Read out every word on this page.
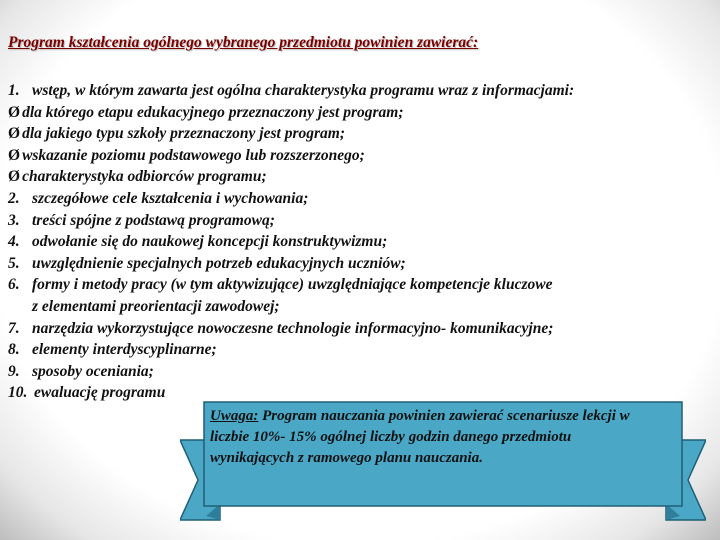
Program kształcenia ogólnego wybranego przedmiotu powinien zawierać:
1. wstęp, w którym zawarta jest ogólna charakterystyka programu wraz z informacjami:
Ø dla którego etapu edukacyjnego przeznaczony jest program;
Ø dla jakiego typu szkoły przeznaczony jest program;
Ø wskazanie poziomu podstawowego lub rozszerzonego;
Ø charakterystyka odbiorców programu;
2. szczegółowe cele kształcenia i wychowania;
3. treści spójne z podstawą programową;
4. odwołanie się do naukowej koncepcji konstruktywizmu;
5. uwzględnienie specjalnych potrzeb edukacyjnych uczniów;
6. formy i metody pracy (w tym aktywizujące) uwzględniające kompetencje kluczowe
z elementami preorientacji zawodowej;
7. narzędzia wykorzystujące nowoczesne technologie informacyjno- komunikacyjne;
8. elementy interdyscyplinarne;
9. sposoby oceniania;
10. ewaluację programu
Uwaga: Program nauczania powinien zawierać scenariusze lekcji w liczbie 10%- 15% ogólnej liczby godzin danego przedmiotu wynikających z ramowego planu nauczania.
